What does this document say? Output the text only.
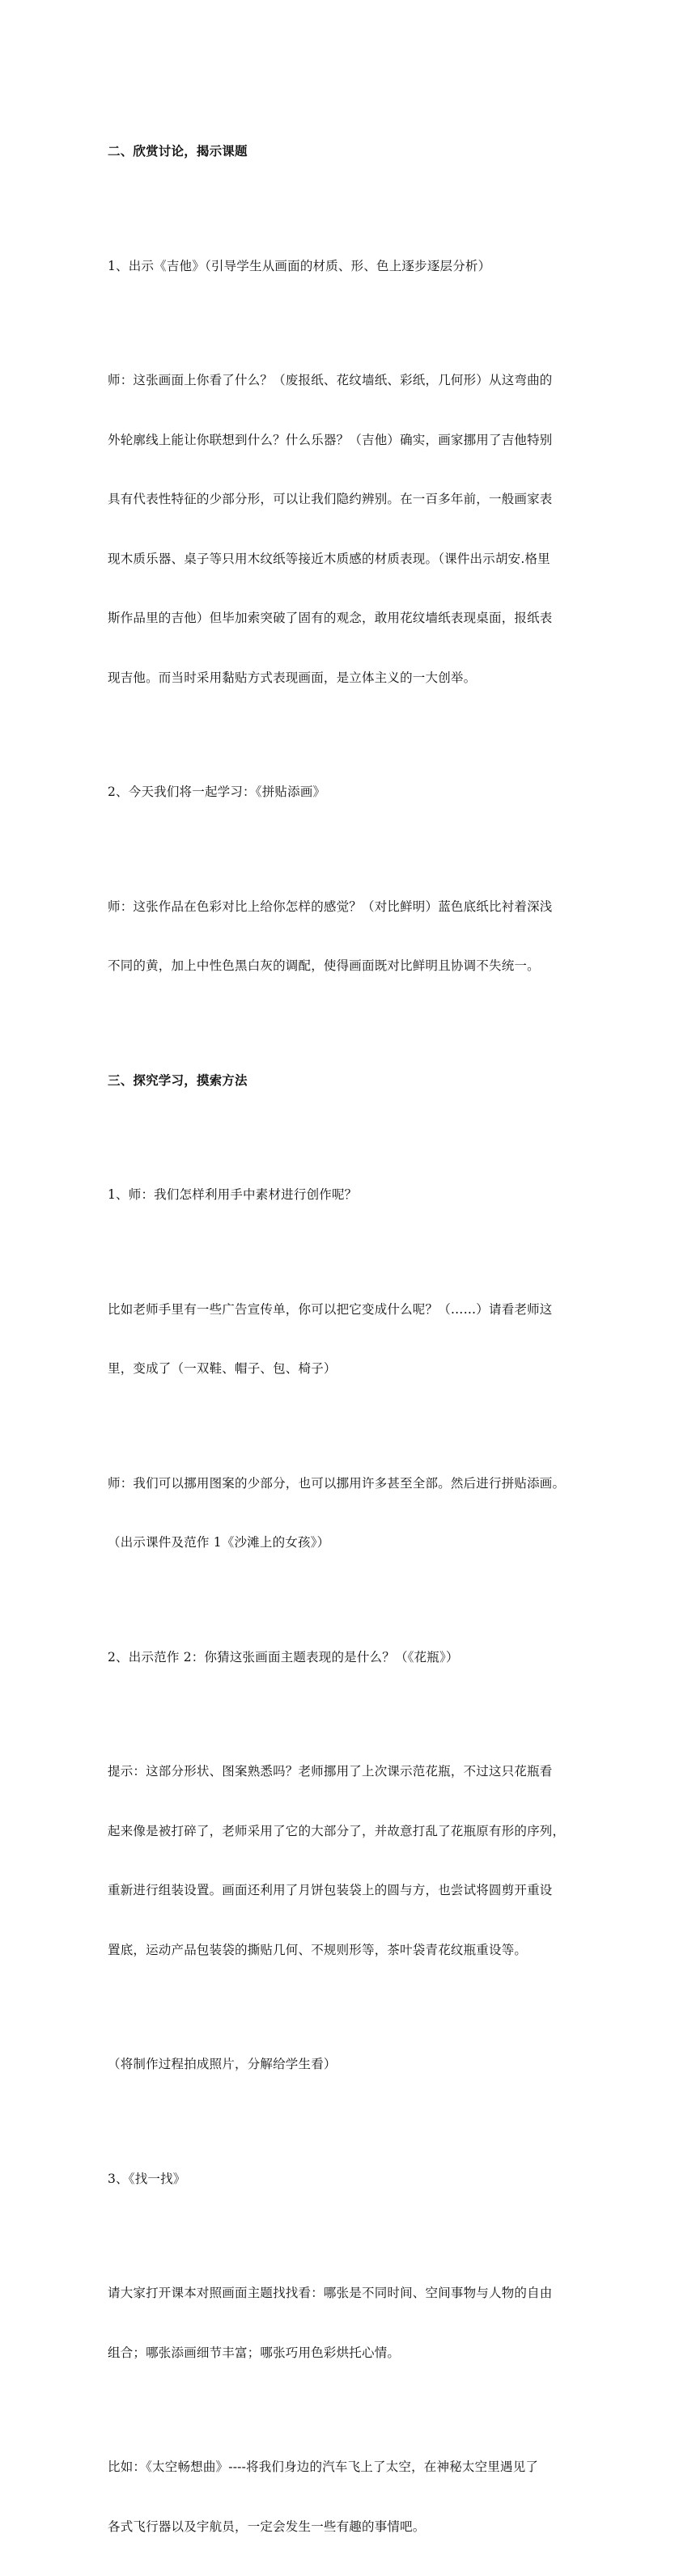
二、欣赏讨论，揭示课题

1、出示《吉他》（引导学生从画面的材质、形、色上逐步逐层分析）

师：这张画面上你看了什么？（废报纸、花纹墙纸、彩纸，几何形）从这弯曲的

外轮廓线上能让你联想到什么？什么乐器？（吉他）确实，画家挪用了吉他特别

具有代表性特征的少部分形，可以让我们隐约辨别。在一百多年前，一般画家表

现木质乐器、桌子等只用木纹纸等接近木质感的材质表现。（课件出示胡安.格里

斯作品里的吉他）但毕加索突破了固有的观念，敢用花纹墙纸表现桌面，报纸表

现吉他。而当时采用黏贴方式表现画面，是立体主义的一大创举。

2、今天我们将一起学习：《拼贴添画》

师：这张作品在色彩对比上给你怎样的感觉？（对比鲜明）蓝色底纸比衬着深浅

不同的黄，加上中性色黑白灰的调配，使得画面既对比鲜明且协调不失统一。

三、探究学习，摸索方法

1、师：我们怎样利用手中素材进行创作呢？

比如老师手里有一些广告宣传单，你可以把它变成什么呢？（……）请看老师这

里，变成了（一双鞋、帽子、包、椅子）

师：我们可以挪用图案的少部分，也可以挪用许多甚至全部。然后进行拼贴添画。

（出示课件及范作 1《沙滩上的女孩》）

2、出示范作 2：你猜这张画面主题表现的是什么？（《花瓶》）

提示：这部分形状、图案熟悉吗？老师挪用了上次课示范花瓶，不过这只花瓶看

起来像是被打碎了，老师采用了它的大部分了，并故意打乱了花瓶原有形的序列，

重新进行组装设置。画面还利用了月饼包装袋上的圆与方，也尝试将圆剪开重设

置底，运动产品包装袋的撕贴几何、不规则形等，茶叶袋青花纹瓶重设等。

（将制作过程拍成照片，分解给学生看）

3、《找一找》

请大家打开课本对照画面主题找找看：哪张是不同时间、空间事物与人物的自由

组合；哪张添画细节丰富；哪张巧用色彩烘托心情。

比如：《太空畅想曲》----将我们身边的汽车飞上了太空，在神秘太空里遇见了

各式飞行器以及宇航员，一定会发生一些有趣的事情吧。
